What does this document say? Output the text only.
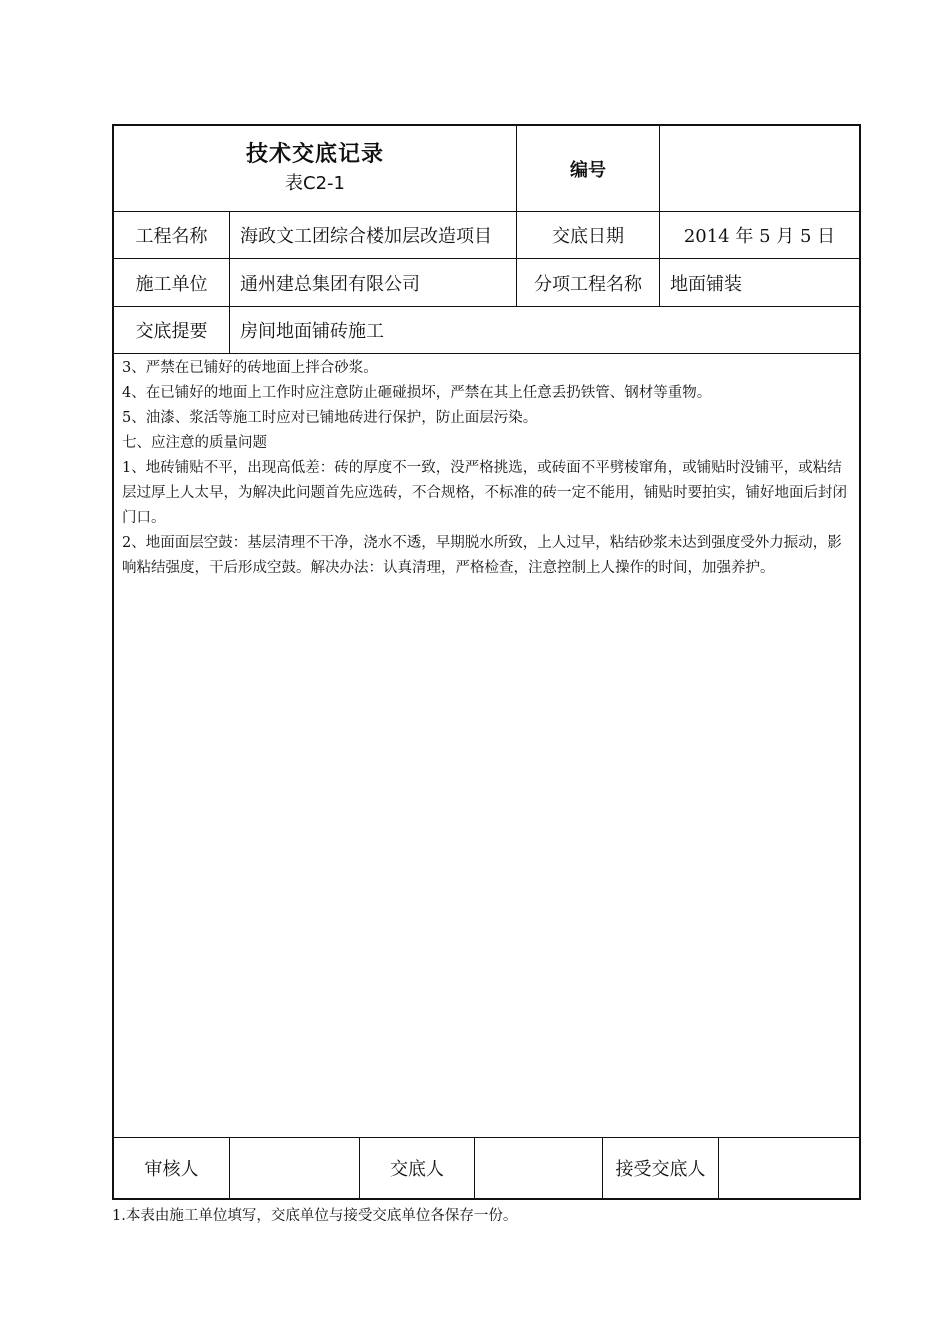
技术交底记录
表C2-1
编号
工程名称	海政文工团综合楼加层改造项目	交底日期	2014 年 5 月 5 日
施工单位	通州建总集团有限公司	分项工程名称	地面铺装
交底提要	房间地面铺砖施工

3、严禁在已铺好的砖地面上拌合砂浆。

4、在已铺好的地面上工作时应注意防止砸碰损坏，严禁在其上任意丢扔铁管、钢材等重物。

5、油漆、浆活等施工时应对已铺地砖进行保护，防止面层污染。

七、应注意的质量问题

1、地砖铺贴不平，出现高低差：砖的厚度不一致，没严格挑选，或砖面不平劈棱窜角，或铺贴时没铺平，或粘结层过厚上人太早，为解决此问题首先应选砖，不合规格，不标准的砖一定不能用，铺贴时要拍实，铺好地面后封闭门口。

2、地面面层空鼓：基层清理不干净，浇水不透，早期脱水所致，上人过早，粘结砂浆未达到强度受外力振动，影响粘结强度，干后形成空鼓。解决办法：认真清理，严格检查，注意控制上人操作的时间，加强养护。

审核人	交底人	接受交底人
1.本表由施工单位填写，交底单位与接受交底单位各保存一份。
